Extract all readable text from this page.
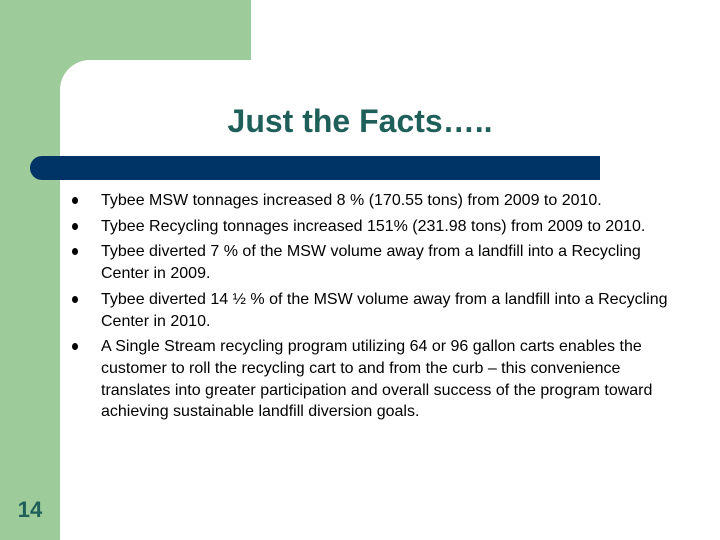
Just the Facts…..
Tybee MSW tonnages increased 8 % (170.55 tons) from 2009 to 2010.
Tybee Recycling tonnages increased 151% (231.98 tons) from 2009 to 2010.
Tybee diverted 7 % of the MSW volume away from a landfill into a Recycling Center in 2009.
Tybee diverted 14 ½ % of the MSW volume away from a landfill into a Recycling Center in 2010.
A Single Stream recycling program utilizing 64 or 96 gallon carts enables the customer to roll the recycling cart to and from the curb – this convenience translates into greater participation and overall success of the program toward achieving sustainable landfill diversion goals.
14
